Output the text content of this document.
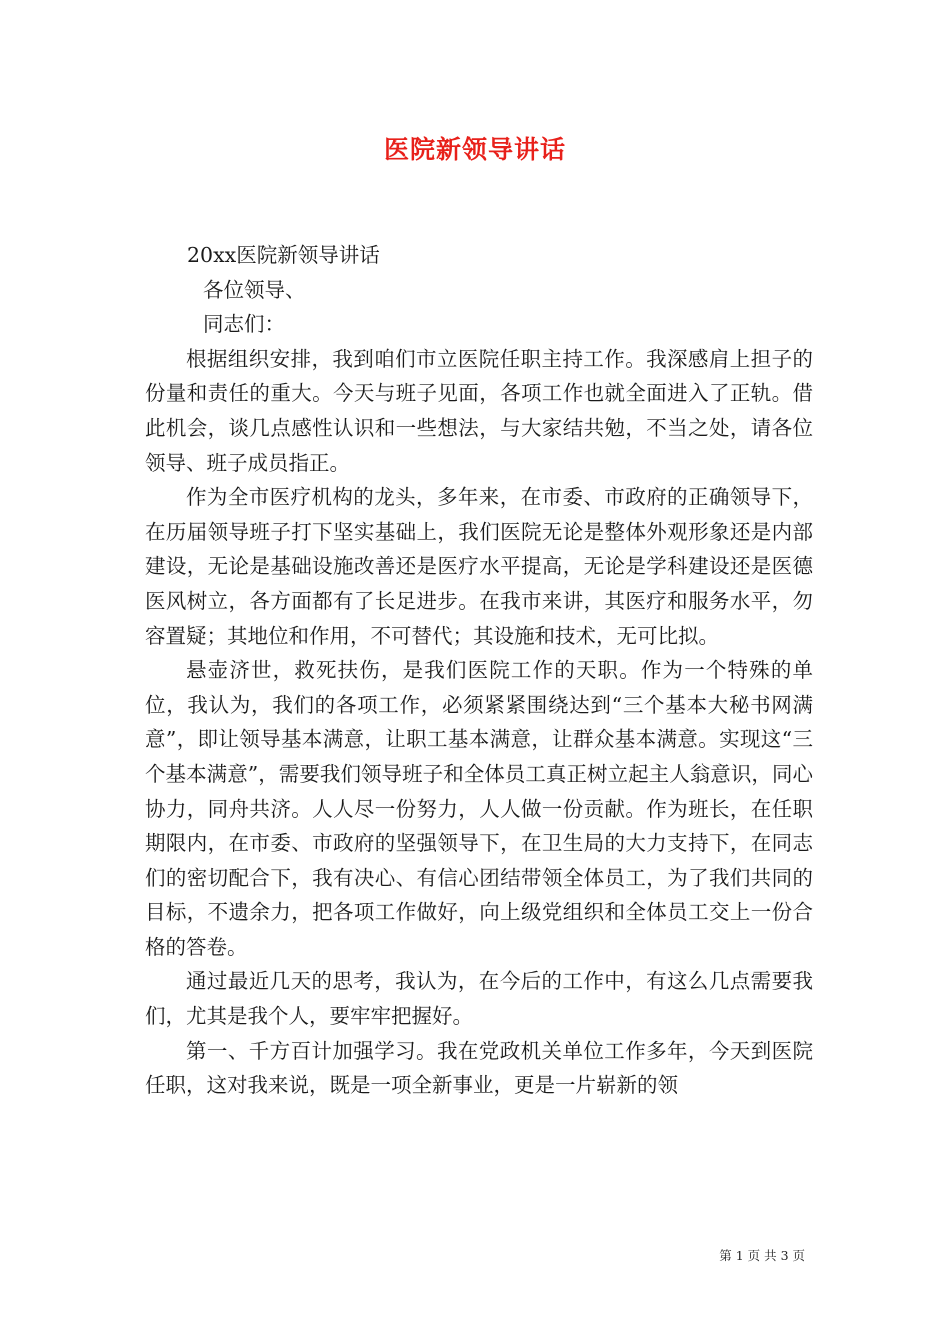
医院新领导讲话

20xx医院新领导讲话

各位领导、

同志们：

根据组织安排，我到咱们市立医院任职主持工作。我深感肩上担子的份量和责任的重大。今天与班子见面，各项工作也就全面进入了正轨。借此机会，谈几点感性认识和一些想法，与大家结共勉，不当之处，请各位领导、班子成员指正。

作为全市医疗机构的龙头，多年来，在市委、市政府的正确领导下，在历届领导班子打下坚实基础上，我们医院无论是整体外观形象还是内部建设，无论是基础设施改善还是医疗水平提高，无论是学科建设还是医德医风树立，各方面都有了长足进步。在我市来讲，其医疗和服务水平，勿容置疑；其地位和作用，不可替代；其设施和技术，无可比拟。

悬壶济世，救死扶伤，是我们医院工作的天职。作为一个特殊的单位，我认为，我们的各项工作，必须紧紧围绕达到“三个基本大秘书网满意”，即让领导基本满意，让职工基本满意，让群众基本满意。实现这“三个基本满意”，需要我们领导班子和全体员工真正树立起主人翁意识，同心协力，同舟共济。人人尽一份努力，人人做一份贡献。作为班长，在任职期限内，在市委、市政府的坚强领导下，在卫生局的大力支持下，在同志们的密切配合下，我有决心、有信心团结带领全体员工，为了我们共同的目标，不遗余力，把各项工作做好，向上级党组织和全体员工交上一份合格的答卷。

通过最近几天的思考，我认为，在今后的工作中，有这么几点需要我们，尤其是我个人，要牢牢把握好。

第一、千方百计加强学习。我在党政机关单位工作多年，今天到医院任职，这对我来说，既是一项全新事业，更是一片崭新的领

第 1 页 共 3 页
